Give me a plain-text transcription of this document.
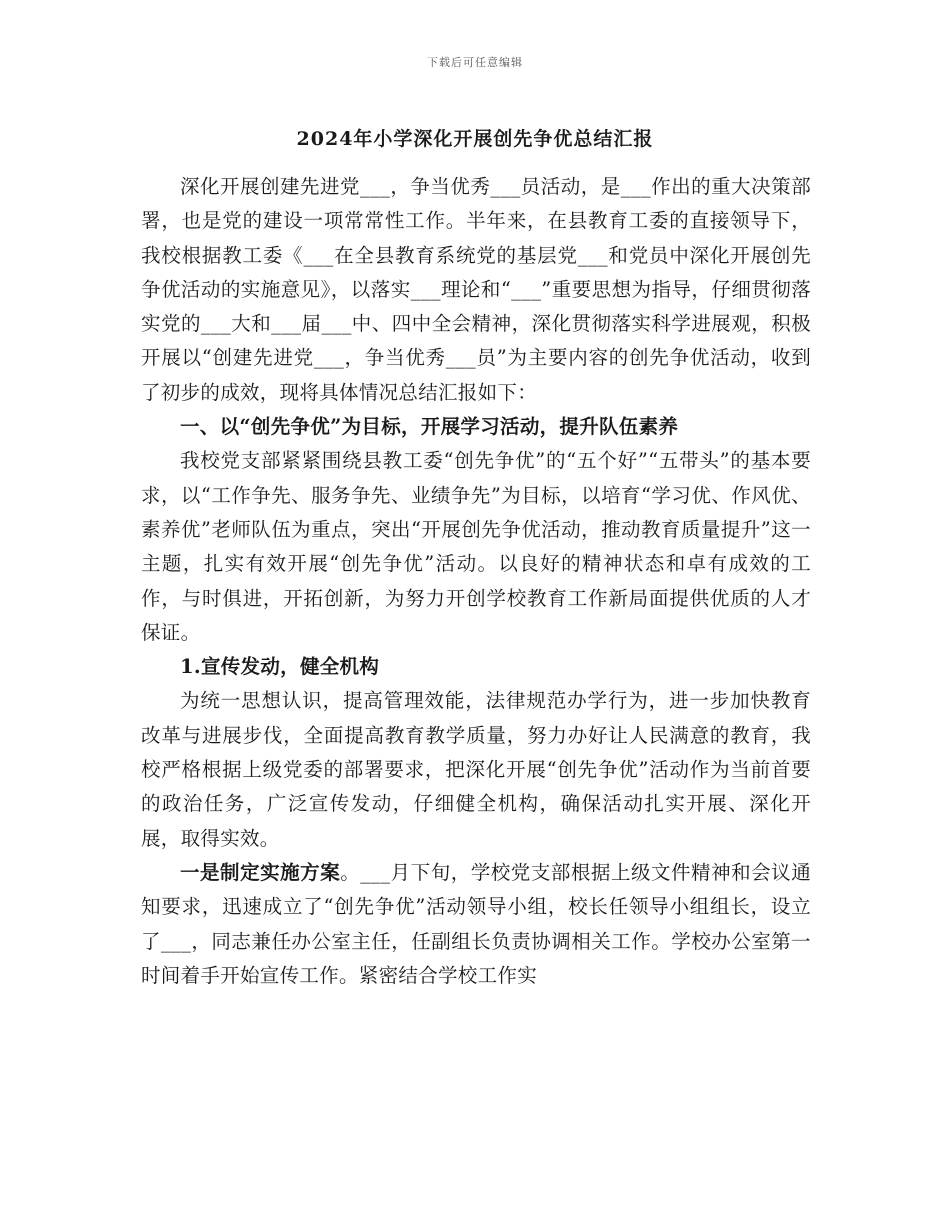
下载后可任意编辑
2024年小学深化开展创先争优总结汇报

深化开展创建先进党___，争当优秀___员活动，是___作出的重大决策部署，也是党的建设一项常常性工作。半年来，在县教育工委的直接领导下，我校根据教工委《___在全县教育系统党的基层党___和党员中深化开展创先争优活动的实施意见》，以落实___理论和“___”重要思想为指导，仔细贯彻落实党的___大和___届___中、四中全会精神，深化贯彻落实科学进展观，积极开展以“创建先进党___，争当优秀___员”为主要内容的创先争优活动，收到了初步的成效，现将具体情况总结汇报如下：

一、以“创先争优”为目标，开展学习活动，提升队伍素养

我校党支部紧紧围绕县教工委“创先争优”的“五个好”“五带头”的基本要求，以“工作争先、服务争先、业绩争先”为目标，以培育“学习优、作风优、素养优”老师队伍为重点，突出“开展创先争优活动，推动教育质量提升”这一主题，扎实有效开展“创先争优”活动。以良好的精神状态和卓有成效的工作，与时俱进，开拓创新，为努力开创学校教育工作新局面提供优质的人才保证。

1.宣传发动，健全机构

为统一思想认识，提高管理效能，法律规范办学行为，进一步加快教育改革与进展步伐，全面提高教育教学质量，努力办好让人民满意的教育，我校严格根据上级党委的部署要求，把深化开展“创先争优”活动作为当前首要的政治任务，广泛宣传发动，仔细健全机构，确保活动扎实开展、深化开展，取得实效。

一是制定实施方案。___月下旬，学校党支部根据上级文件精神和会议通知要求，迅速成立了“创先争优”活动领导小组，校长任领导小组组长，设立了___，同志兼任办公室主任，任副组长负责协调相关工作。学校办公室第一时间着手开始宣传工作。紧密结合学校工作实
